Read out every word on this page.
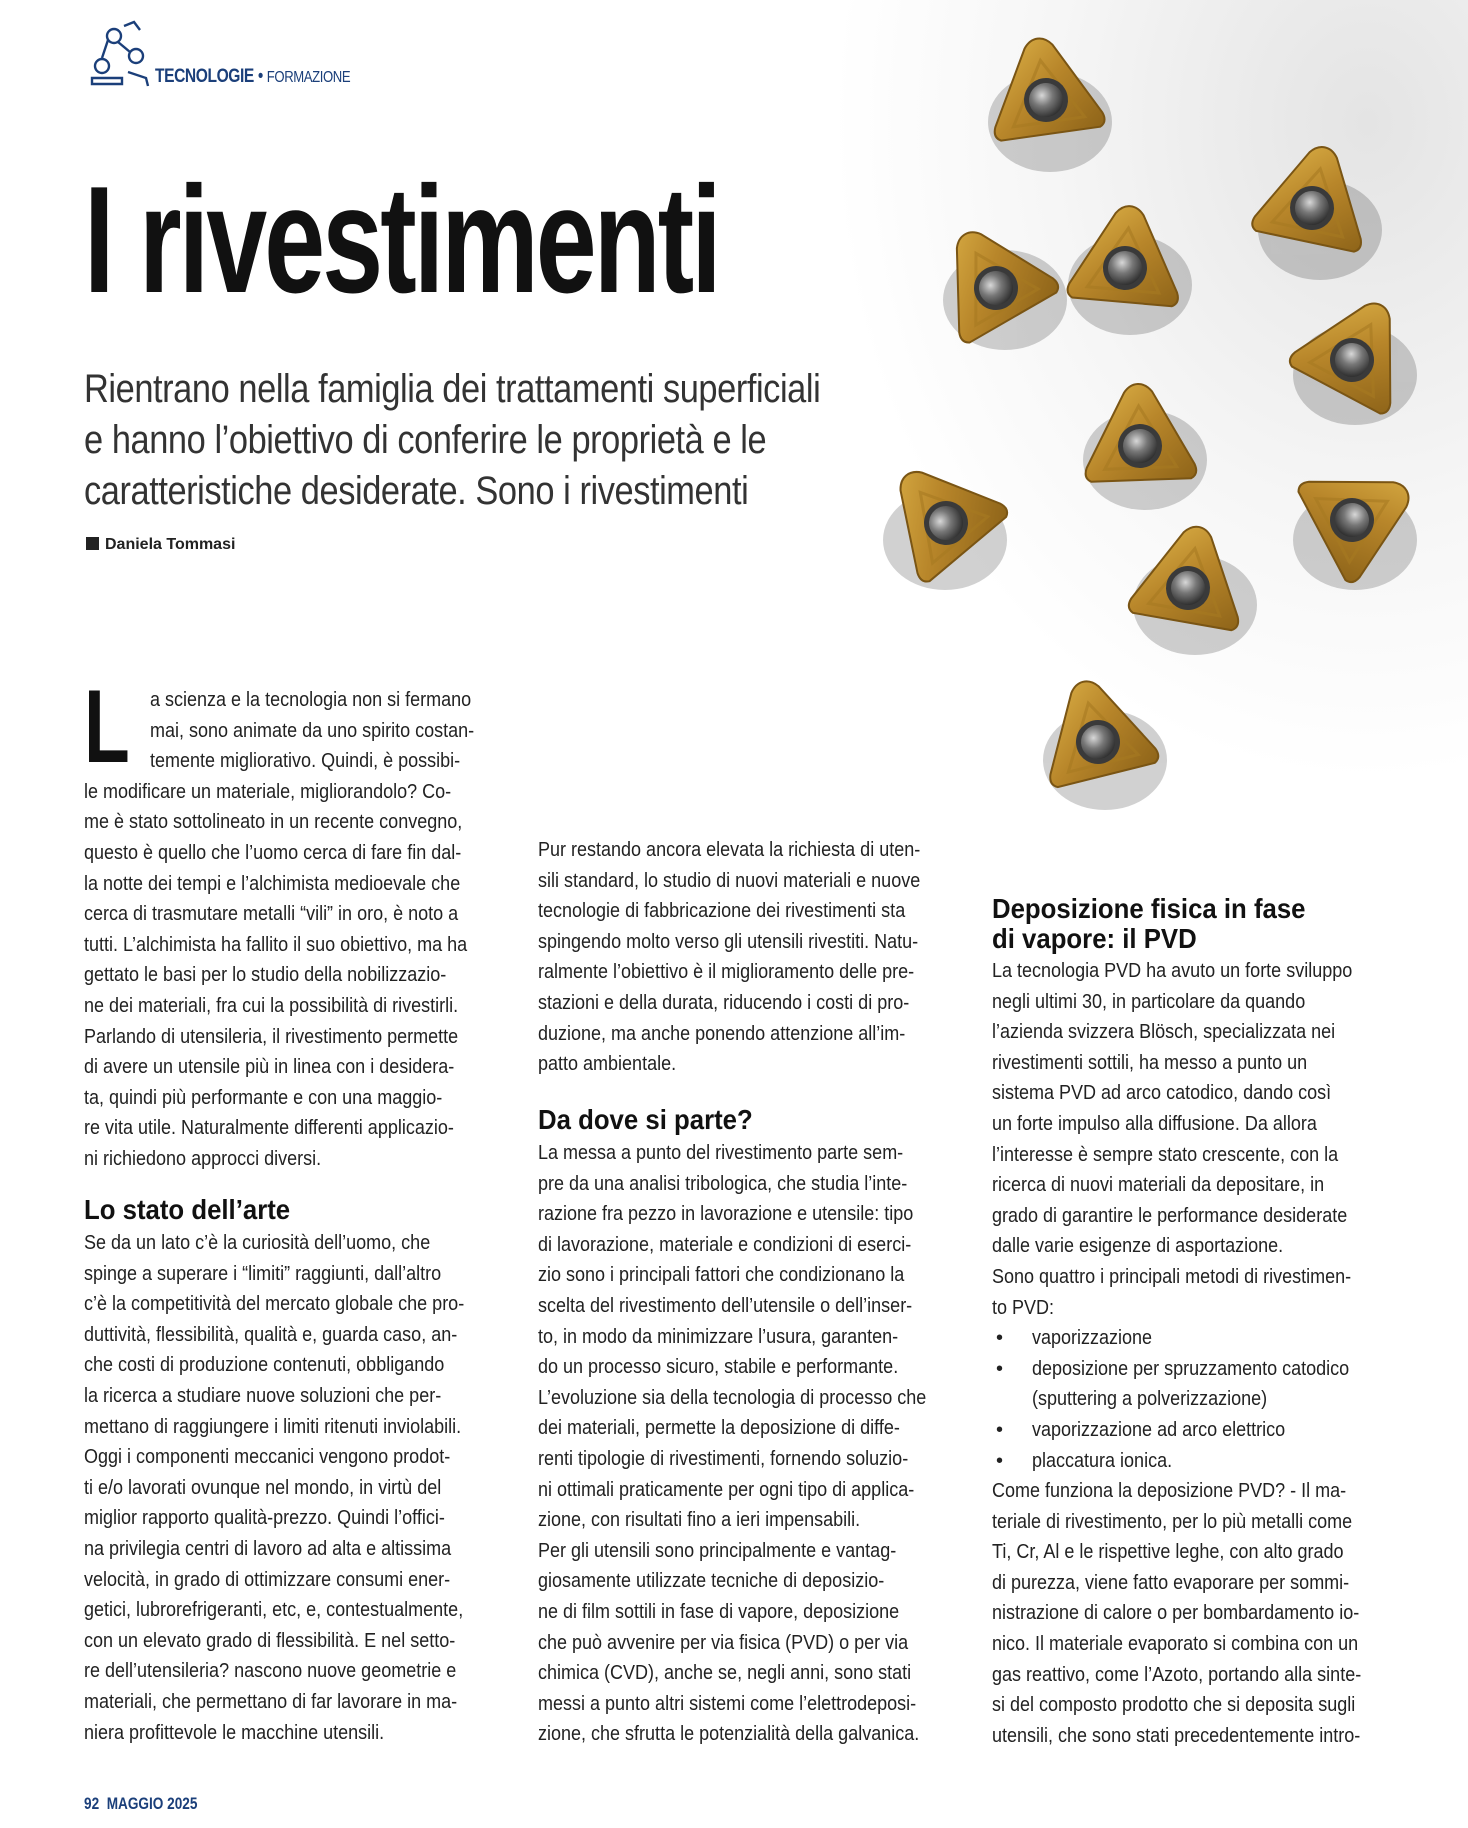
TECNOLOGIE • FORMAZIONE
I rivestimenti
Rientrano nella famiglia dei trattamenti superficiali
e hanno l’obiettivo di conferire le proprietà e le
caratteristiche desiderate. Sono i rivestimenti
Daniela Tommasi
L a scienza e la tecnologia non si fermano

mai, sono animate da uno spirito costan-

temente migliorativo. Quindi, è possibi-

le modificare un materiale, migliorandolo? Co-

me è stato sottolineato in un recente convegno,

questo è quello che l’uomo cerca di fare fin dal-

la notte dei tempi e l’alchimista medioevale che

cerca di trasmutare metalli “vili” in oro, è noto a

tutti. L’alchimista ha fallito il suo obiettivo, ma ha

gettato le basi per lo studio della nobilizzazio-

ne dei materiali, fra cui la possibilità di rivestirli.

Parlando di utensileria, il rivestimento permette

di avere un utensile più in linea con i desidera-

ta, quindi più performante e con una maggio-

re vita utile. Naturalmente differenti applicazio-

ni richiedono approcci diversi.

Lo stato dell’arte

Se da un lato c’è la curiosità dell’uomo, che

spinge a superare i “limiti” raggiunti, dall’altro

c’è la competitività del mercato globale che pro-

duttività, flessibilità, qualità e, guarda caso, an-

che costi di produzione contenuti, obbligando

la ricerca a studiare nuove soluzioni che per-

mettano di raggiungere i limiti ritenuti inviolabili.

Oggi i componenti meccanici vengono prodot-

ti e/o lavorati ovunque nel mondo, in virtù del

miglior rapporto qualità-prezzo. Quindi l’offici-

na privilegia centri di lavoro ad alta e altissima

velocità, in grado di ottimizzare consumi ener-

getici, lubrorefrigeranti, etc, e, contestualmente,

con un elevato grado di flessibilità. E nel setto-

re dell’utensileria? nascono nuove geometrie e

materiali, che permettano di far lavorare in ma-

niera profittevole le macchine utensili.

Pur restando ancora elevata la richiesta di uten-

sili standard, lo studio di nuovi materiali e nuove

tecnologie di fabbricazione dei rivestimenti sta

spingendo molto verso gli utensili rivestiti. Natu-

ralmente l’obiettivo è il miglioramento delle pre-

stazioni e della durata, riducendo i costi di pro-

duzione, ma anche ponendo attenzione all’im-

patto ambientale.

Da dove si parte?

La messa a punto del rivestimento parte sem-

pre da una analisi tribologica, che studia l’inte-

razione fra pezzo in lavorazione e utensile: tipo

di lavorazione, materiale e condizioni di eserci-

zio sono i principali fattori che condizionano la

scelta del rivestimento dell’utensile o dell’inser-

to, in modo da minimizzare l’usura, garanten-

do un processo sicuro, stabile e performante.

L’evoluzione sia della tecnologia di processo che

dei materiali, permette la deposizione di diffe-

renti tipologie di rivestimenti, fornendo soluzio-

ni ottimali praticamente per ogni tipo di applica-

zione, con risultati fino a ieri impensabili.

Per gli utensili sono principalmente e vantag-

giosamente utilizzate tecniche di deposizio-

ne di film sottili in fase di vapore, deposizione

che può avvenire per via fisica (PVD) o per via

chimica (CVD), anche se, negli anni, sono stati

messi a punto altri sistemi come l’elettrodeposi-

zione, che sfrutta le potenzialità della galvanica.

Deposizione fisica in fase
di vapore: il PVD

La tecnologia PVD ha avuto un forte sviluppo

negli ultimi 30, in particolare da quando

l’azienda svizzera Blösch, specializzata nei

rivestimenti sottili, ha messo a punto un

sistema PVD ad arco catodico, dando così

un forte impulso alla diffusione. Da allora

l’interesse è sempre stato crescente, con la

ricerca di nuovi materiali da depositare, in

grado di garantire le performance desiderate

dalle varie esigenze di asportazione.

Sono quattro i principali metodi di rivestimen-

to PVD:

• vaporizzazione
• deposizione per spruzzamento catodico
(sputtering a polverizzazione)
• vaporizzazione ad arco elettrico
• placcatura ionica.

Come funziona la deposizione PVD? - Il ma-

teriale di rivestimento, per lo più metalli come

Ti, Cr, Al e le rispettive leghe, con alto grado

di purezza, viene fatto evaporare per sommi-

nistrazione di calore o per bombardamento io-

nico. Il materiale evaporato si combina con un

gas reattivo, come l’Azoto, portando alla sinte-

si del composto prodotto che si deposita sugli

utensili, che sono stati precedentemente intro-

92 MAGGIO 2025
